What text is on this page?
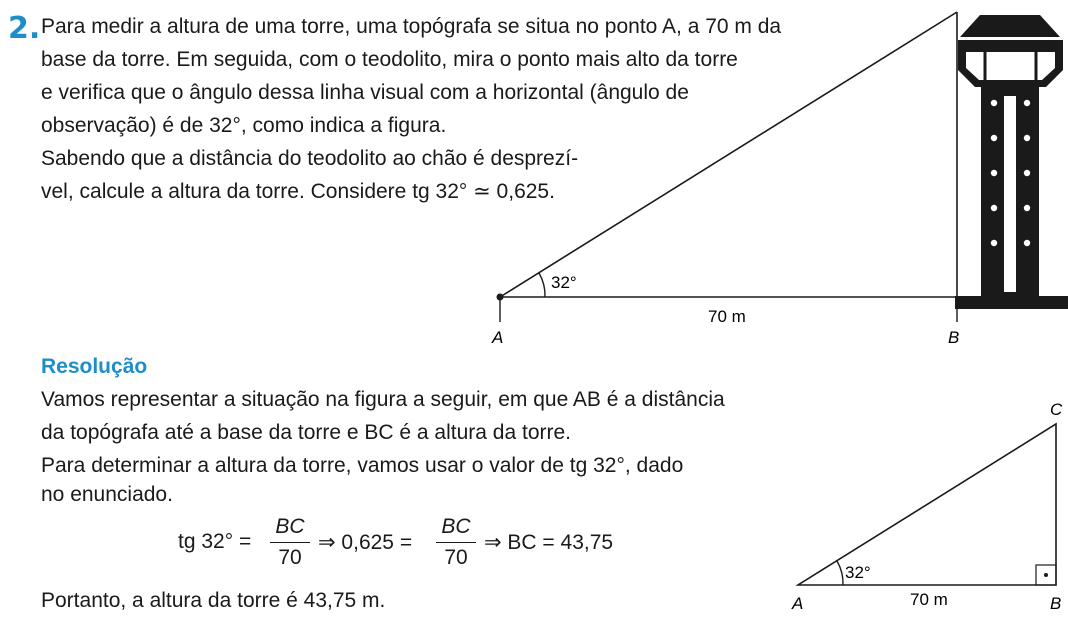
2. Para medir a altura de uma torre, uma topógrafa se situa no ponto A, a 70 m da
base da torre. Em seguida, com o teodolito, mira o ponto mais alto da torre
e verifica que o ângulo dessa linha visual com a horizontal (ângulo de
observação) é de 32°, como indica a figura.
Sabendo que a distância do teodolito ao chão é desprezí-
vel, calcule a altura da torre. Considere tg 32° ≃ 0,625.
32°
70 m
A	B
Resolução
Vamos representar a situação na figura a seguir, em que AB é a distância
da topógrafa até a base da torre e BC é a altura da torre.
Para determinar a altura da torre, vamos usar o valor de tg 32°, dado
no enunciado.
tg 32° =
BC
70
⇒ 0,625 =
BC
70
⇒ BC = 43,75
Portanto, a altura da torre é 43,75 m.
32°
70 m
A	B
C
